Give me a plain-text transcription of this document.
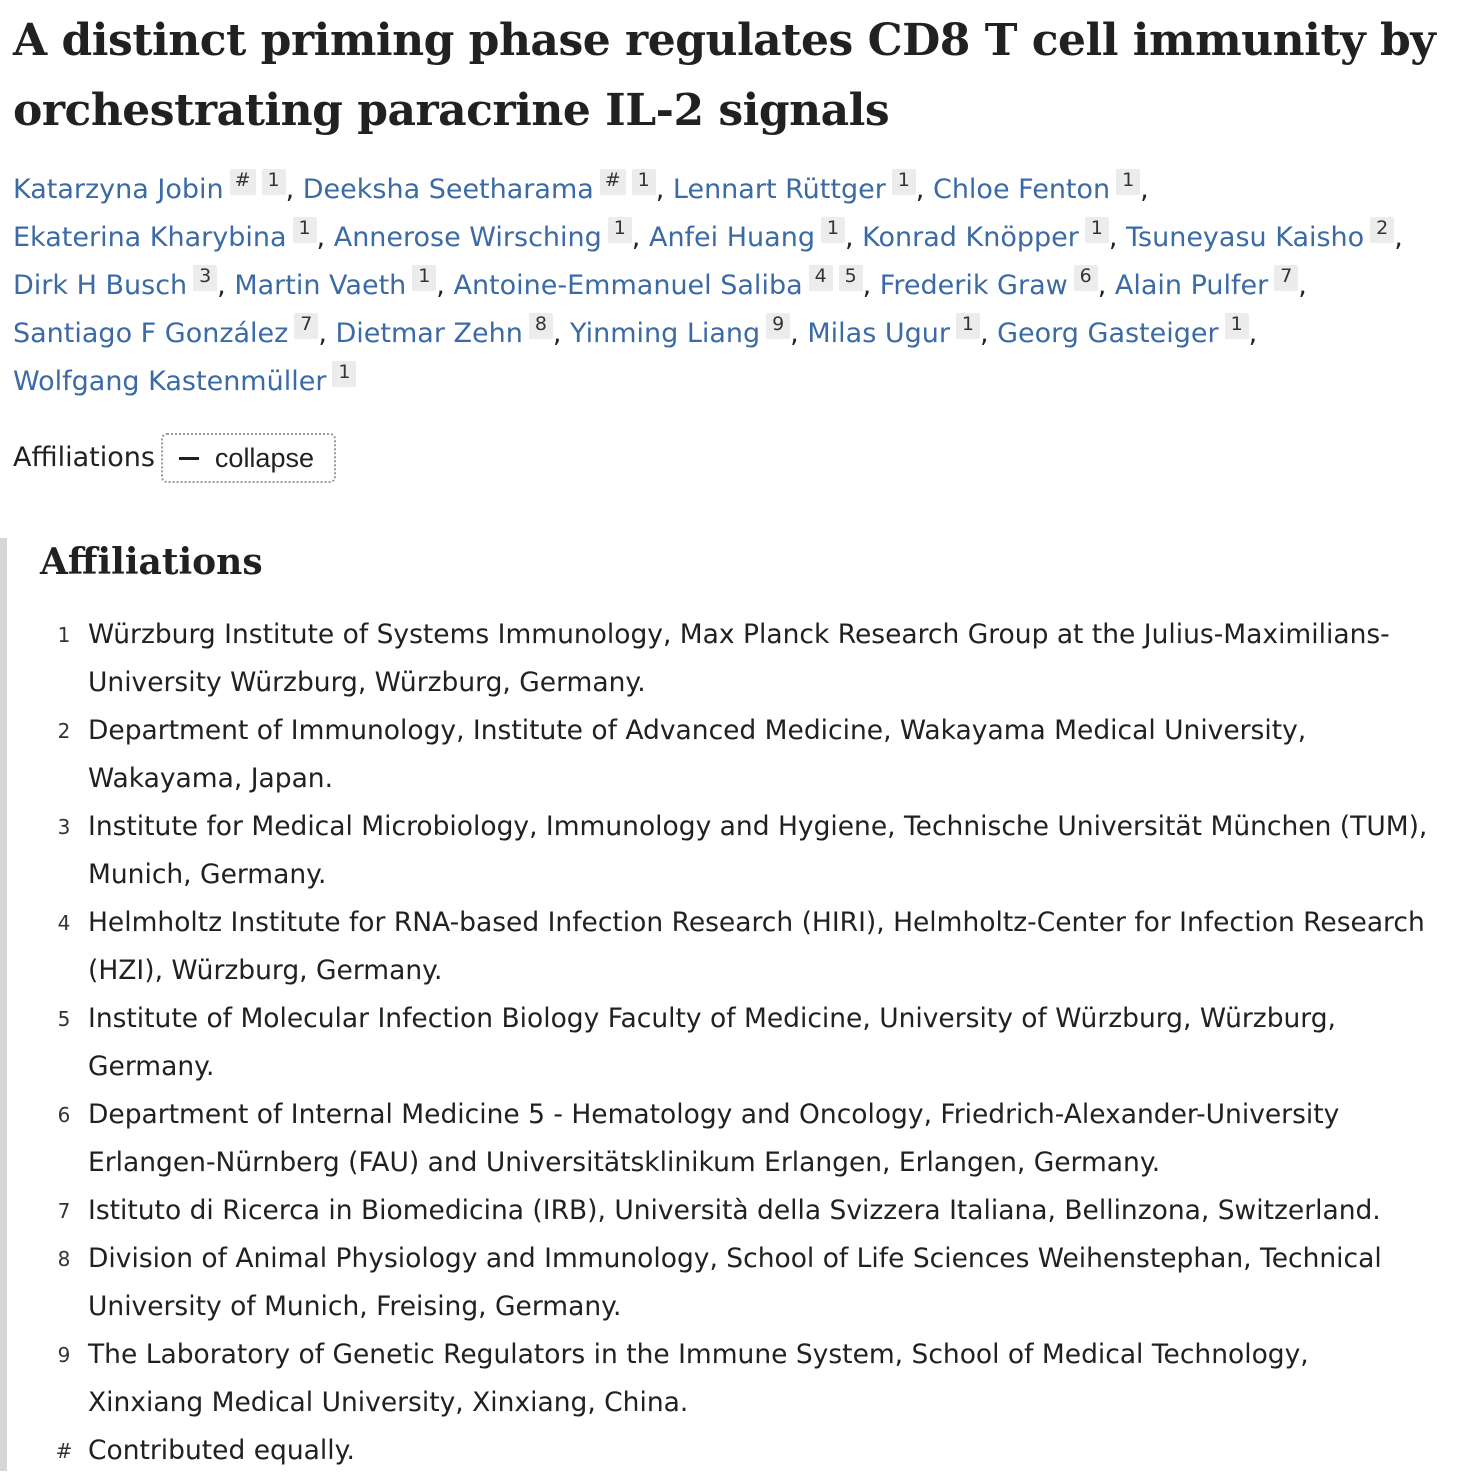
A distinct priming phase regulates CD8 T cell immunity by orchestrating paracrine IL-2 signals
Katarzyna Jobin # 1 , Deeksha Seetharama # 1 , Lennart Rüttger 1 , Chloe Fenton 1 , Ekaterina Kharybina 1 , Annerose Wirsching 1 , Anfei Huang 1 , Konrad Knöpper 1 , Tsuneyasu Kaisho 2 , Dirk H Busch 3 , Martin Vaeth 1 , Antoine-Emmanuel Saliba 4 5 , Frederik Graw 6 , Alain Pulfer 7 , Santiago F González 7 , Dietmar Zehn 8 , Yinming Liang 9 , Milas Ugur 1 , Georg Gasteiger 1 , Wolfgang Kastenmüller 1
Affiliations collapse
Affiliations
1 Würzburg Institute of Systems Immunology, Max Planck Research Group at the Julius-Maximilians-University Würzburg, Würzburg, Germany.
2 Department of Immunology, Institute of Advanced Medicine, Wakayama Medical University, Wakayama, Japan.
3 Institute for Medical Microbiology, Immunology and Hygiene, Technische Universität München (TUM), Munich, Germany.
4 Helmholtz Institute for RNA-based Infection Research (HIRI), Helmholtz-Center for Infection Research (HZI), Würzburg, Germany.
5 Institute of Molecular Infection Biology Faculty of Medicine, University of Würzburg, Würzburg, Germany.
6 Department of Internal Medicine 5 - Hematology and Oncology, Friedrich-Alexander-University Erlangen-Nürnberg (FAU) and Universitätsklinikum Erlangen, Erlangen, Germany.
7 Istituto di Ricerca in Biomedicina (IRB), Università della Svizzera Italiana, Bellinzona, Switzerland.
8 Division of Animal Physiology and Immunology, School of Life Sciences Weihenstephan, Technical University of Munich, Freising, Germany.
9 The Laboratory of Genetic Regulators in the Immune System, School of Medical Technology, Xinxiang Medical University, Xinxiang, China.
# Contributed equally.
